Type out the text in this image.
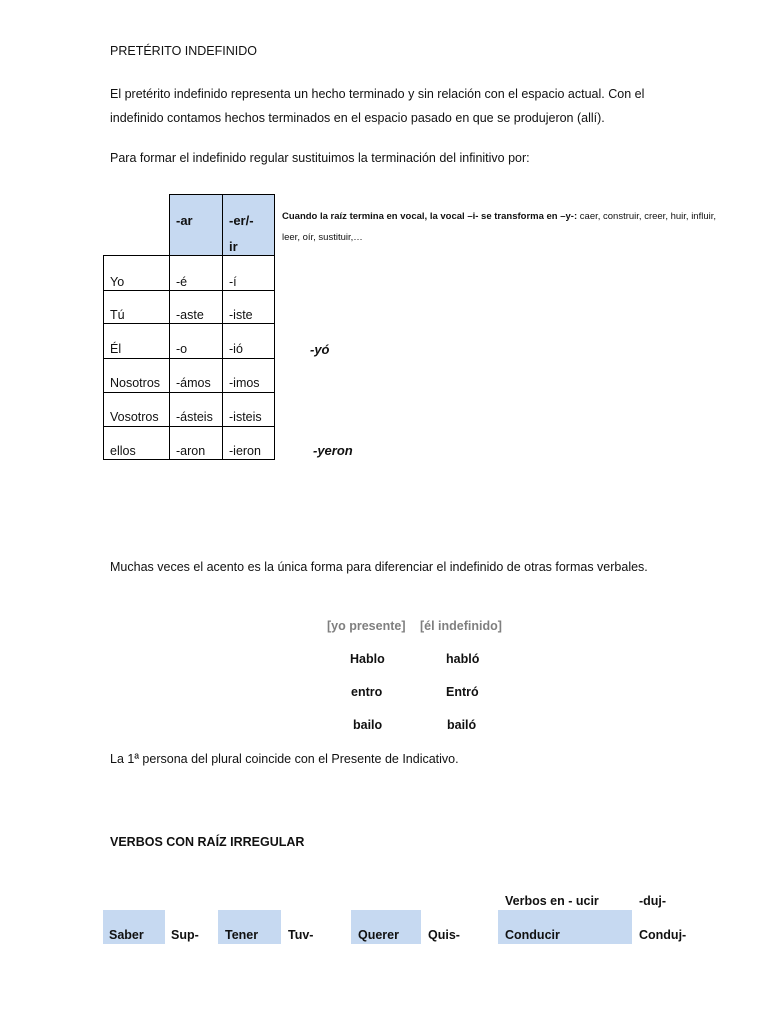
PRETÉRITO INDEFINIDO
El pretérito indefinido representa un hecho terminado y sin relación con el espacio actual. Con el indefinido contamos hechos terminados en el espacio pasado en que se produjeron (allí).
Para formar el indefinido regular sustituimos la terminación del infinitivo por:
-ar	-er/-
ir
Yo	-é	-í
Tú	-aste -iste
Él	-o	-ió
Nosotros -ámos -imos
Vosotros -ásteis -isteis
ellos	-aron -ieron
Cuando la raíz termina en vocal, la vocal –i- se transforma en –y-: caer, construir, creer, huir, influir, leer, oír, sustituir,…
-yó
-yeron
Muchas veces el acento es la única forma para diferenciar el indefinido de otras formas verbales.
[yo presente] [él indefinido]
Hablo	habló
entro	Entró
bailo	bailó
La 1ª persona del plural coincide con el Presente de Indicativo.
VERBOS CON RAÍZ IRREGULAR
Verbos en - ucir	-duj-
Saber Sup- Tener Tuv-	Querer Quis-	Conducir	Conduj-
